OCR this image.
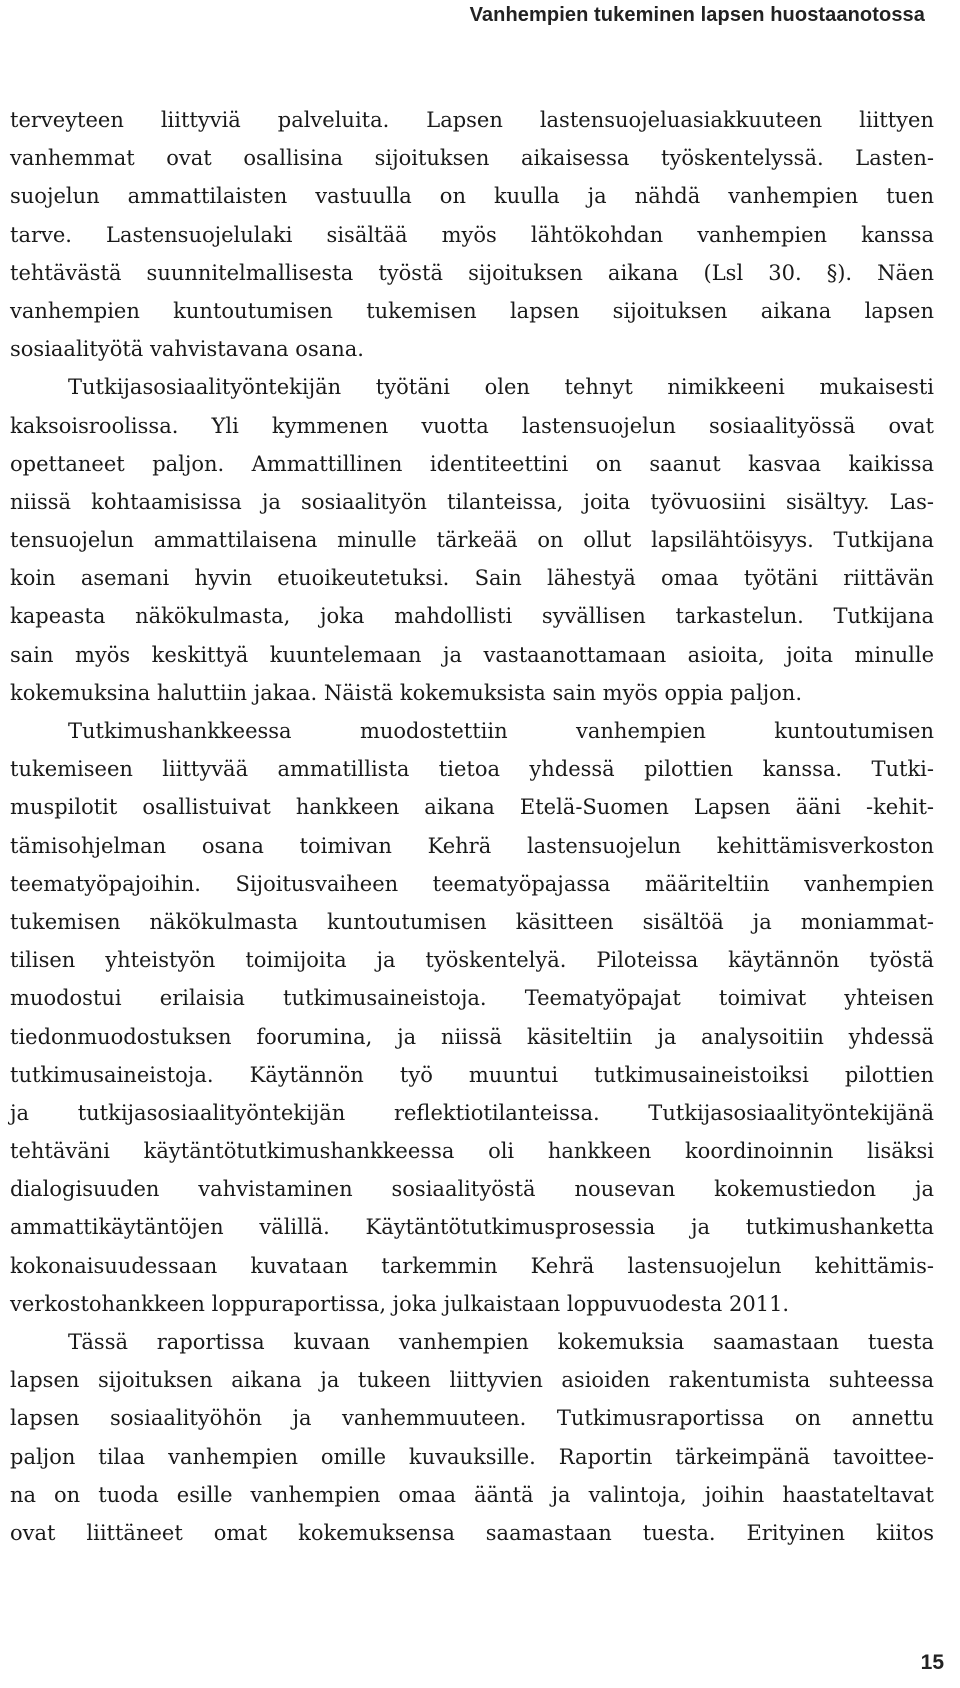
Vanhempien tukeminen lapsen huostaanotossa
terveyteen liittyviä palveluita. Lapsen lastensuojeluasiakkuuteen liittyen
vanhemmat ovat osallisina sijoituksen aikaisessa työskentelyssä. Lasten-
suojelun ammattilaisten vastuulla on kuulla ja nähdä vanhempien tuen
tarve. Lastensuojelulaki sisältää myös lähtökohdan vanhempien kanssa
tehtävästä suunnitelmallisesta työstä sijoituksen aikana (Lsl 30. §). Näen
vanhempien kuntoutumisen tukemisen lapsen sijoituksen aikana lapsen
sosiaalityötä vahvistavana osana.
Tutkijasosiaalityöntekijän työtäni olen tehnyt nimikkeeni mukaisesti
kaksoisroolissa. Yli kymmenen vuotta lastensuojelun sosiaalityössä ovat
opettaneet paljon. Ammattillinen identiteettini on saanut kasvaa kaikissa
niissä kohtaamisissa ja sosiaalityön tilanteissa, joita työvuosiini sisältyy. Las-
tensuojelun ammattilaisena minulle tärkeää on ollut lapsilähtöisyys. Tutkijana
koin asemani hyvin etuoikeutetuksi. Sain lähestyä omaa työtäni riittävän
kapeasta näkökulmasta, joka mahdollisti syvällisen tarkastelun. Tutkijana
sain myös keskittyä kuuntelemaan ja vastaanottamaan asioita, joita minulle
kokemuksina haluttiin jakaa. Näistä kokemuksista sain myös oppia paljon.
Tutkimushankkeessa muodostettiin vanhempien kuntoutumisen
tukemiseen liittyvää ammatillista tietoa yhdessä pilottien kanssa. Tutki-
muspilotit osallistuivat hankkeen aikana Etelä-Suomen Lapsen ääni -kehit-
tämisohjelman osana toimivan Kehrä lastensuojelun kehittämisverkoston
teematyöpajoihin. Sijoitusvaiheen teematyöpajassa määriteltiin vanhempien
tukemisen näkökulmasta kuntoutumisen käsitteen sisältöä ja moniammat-
tilisen yhteistyön toimijoita ja työskentelyä. Piloteissa käytännön työstä
muodostui erilaisia tutkimusaineistoja. Teematyöpajat toimivat yhteisen
tiedonmuodostuksen foorumina, ja niissä käsiteltiin ja analysoitiin yhdessä
tutkimusaineistoja. Käytännön työ muuntui tutkimusaineistoiksi pilottien
ja tutkijasosiaalityöntekijän reflektiotilanteissa. Tutkijasosiaalityöntekijänä
tehtäväni käytäntötutkimushankkeessa oli hankkeen koordinoinnin lisäksi
dialogisuuden vahvistaminen sosiaalityöstä nousevan kokemustiedon ja
ammattikäytäntöjen välillä. Käytäntötutkimusprosessia ja tutkimushanketta
kokonaisuudessaan kuvataan tarkemmin Kehrä lastensuojelun kehittämis-
verkostohankkeen loppuraportissa, joka julkaistaan loppuvuodesta 2011.
Tässä raportissa kuvaan vanhempien kokemuksia saamastaan tuesta
lapsen sijoituksen aikana ja tukeen liittyvien asioiden rakentumista suhteessa
lapsen sosiaalityöhön ja vanhemmuuteen. Tutkimusraportissa on annettu
paljon tilaa vanhempien omille kuvauksille. Raportin tärkeimpänä tavoittee-
na on tuoda esille vanhempien omaa ääntä ja valintoja, joihin haastateltavat
ovat liittäneet omat kokemuksensa saamastaan tuesta. Erityinen kiitos
15
